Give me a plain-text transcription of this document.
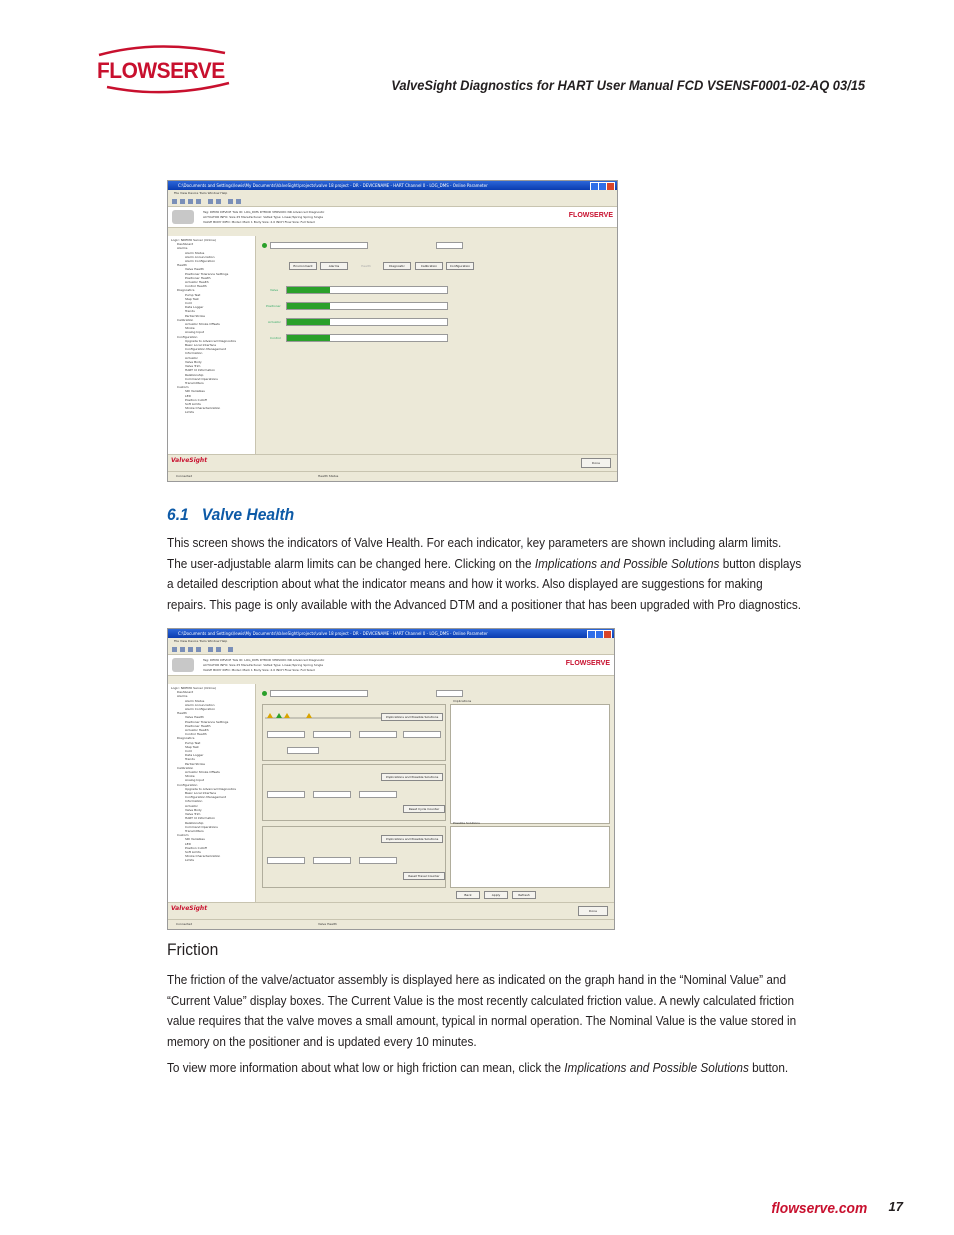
FLOWSERVE
ValveSight Diagnostics for HART User Manual FCD VSENSF0001-02-AQ 03/15
C:\Documents and Settings\lewis\My Documents\ValveSight\projects\valve 18 project - DR - DEVICENAME - HART Channel 0 - LOG_DMS - Online Parameter
File View Device Tools Window Help
Tag: DEMO DEVICE TAG ID: LOG_DMS DTMOD VERSION: NR Advanced Diagnostic
ACTUATOR INFO: Size 25 Manufacturer: Valtek Type: Linear/Spring Spring Single
VALVE BODY INFO: Model: Mark 1 Body Size: 2.0 INCH Flow Size: Full Sized
FLOWSERVE
Logic: NDEMO Server (Online)
Dashboard
Alarms
Alarm Status
Alarm Annunciation
Alarm Configuration
Health
Valve Health
Positioner Tolerance Settings
Positioner Health
Actuator Health
Control Health
Diagnostics
Pump Test
Step Test
Cold
Data Logger
Trends
Partial Stroke
Calibration
Actuator Stroke Offsets
Stroke
Analog Input
Configuration
Upgrade to Advanced Diagnostics
Basic Local Interface
Configuration Management
Information
Actuator
Valve Body
Valve Trim
HART Id Information
Relationship
Command Operations
Transmitters
Custom
SDI Variables
LED
Position Cutoff
Soft Limits
Stroke Characterization
Limits
Environment	Alarms	Health	Diagnostic	Calibration	Configuration
Valve
Positioner
Actuator
Control
ValveSight	Done
Connected	Health Status
6.1 Valve Health

This screen shows the indicators of Valve Health. For each indicator, key parameters are shown including alarm limits. The user-adjustable alarm limits can be changed here. Clicking on the Implications and Possible Solutions button displays a detailed description about what the indicator means and how it works. Also displayed are suggestions for making repairs. This page is only available with the Advanced DTM and a positioner that has been upgraded with Pro diagnostics.

C:\Documents and Settings\lewis\My Documents\ValveSight\projects\valve 18 project - DR - DEVICENAME - HART Channel 0 - LOG_DMS - Online Parameter
File View Device Tools Window Help
Tag: DEMO DEVICE TAG ID: LOG_DMS DTMOD VERSION: NR Advanced Diagnostic
ACTUATOR INFO: Size 25 Manufacturer: Valtek Type: Linear/Spring Spring Single
VALVE BODY INFO: Model: Mark 1 Body Size: 2.0 INCH Flow Size: Full Sized
FLOWSERVE
Logic: NDEMO Server (Online)
Dashboard
Alarms
Alarm Status
Alarm Annunciation
Alarm Configuration
Health
Valve Health
Positioner Tolerance Settings
Positioner Health
Actuator Health
Control Health
Diagnostics
Pump Test
Step Test
Cold
Data Logger
Trends
Partial Stroke
Calibration
Actuator Stroke Offsets
Stroke
Analog Input
Configuration
Upgrade to Advanced Diagnostics
Basic Local Interface
Configuration Management
Information
Actuator
Valve Body
Valve Trim
HART Id Information
Relationship
Command Operations
Transmitters
Custom
SDI Variables
LED
Position Cutoff
Soft Limits
Stroke Characterization
Limits
Implications and Possible Solutions
Implications and Possible Solutions
Reset Cycle Counter
Implications and Possible Solutions
Reset Travel Counter
Implications
Possible Solutions
Back	Apply	Refresh
ValveSight	Done
Connected	Valve Health
Friction

The friction of the valve/actuator assembly is displayed here as indicated on the graph hand in the “Nominal Value” and “Current Value” display boxes. The Current Value is the most recently calculated friction value. A newly calculated friction value requires that the valve moves a small amount, typical in normal operation. The Nominal Value is the value stored in memory on the positioner and is updated every 10 minutes.

To view more information about what low or high friction can mean, click the Implications and Possible Solutions button.

flowserve.com 17
